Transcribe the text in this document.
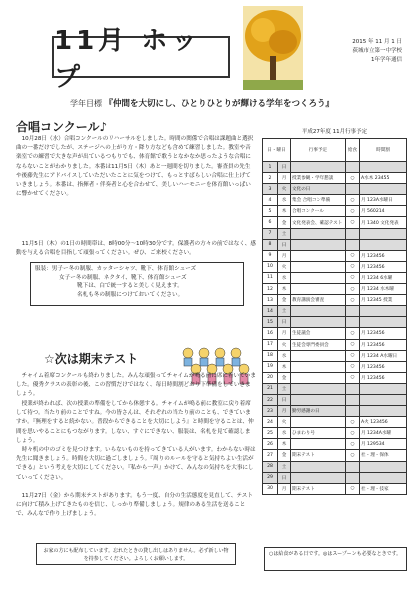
11月 ホップ
2015 年 11 月 1 日
荻城市立第一中学校
1年学年通信
学年目標 『仲間を大切にし、ひとりひとりが輝ける学年をつくろう』
合唱コンクール♪
10月28日（水）合唱コンクールのリハーサルをしました。時間の関係で合唱は課題曲と選択曲の一番だけでしたが、ステージへの上がり方・降り方なども含めて練習しました。教室や音楽室での練習で大きな声が出ているつもりでも、体育館で歌うとなかなか思ったような合唱にならないことがわかりました。本番は11月5日（木）あと一週間を切りました。審査員の先生や後藤先生にアドバイスしていただいたことに気をつけて、もっとすばらしい合唱に仕上げていきましょう。本番は、指揮者・伴奏者と心を合わせて、美しいハーモニーを体育館いっぱいに響かせてください。
11月5日（木）の1日の時間帯は、8時00分〜10時30分です。保護者の方々の前ではなく、感動を与える合唱を目指して頑張ってください。ぜひ、ご来校ください。
服装：男子ー冬の制服、カッターシャツ、靴下、体育館シューズ
女子ー冬の制服、ネクタイ、靴下、体育館シューズ
靴下は、白で統一すると美しく見えます。
名札も冬の制服につけておいてください。
☆次は期末テスト
チャイム着席コンクールも終わりました。みんな頑張ってチャイムが鳴る前に席に着いていました。優秀クラスの表彰の後、この習慣だけではなく、毎日時間割どおり下準備をしていきましょう。
授業が終われば、次の授業の準備をしてから休憩する。チャイムが鳴る前に教室に戻り着席して待つ。当たり前のことですね。今の皆さんは、それぞれの当たり前のことも、できていますか。『無理をすると続かない。普段からできることを大切にしよう』と時間を守ることは、仲間を思いやることにもつながります。しない、すぐにできない、服装は、名札を見て確認しましょう。
時々机の中のゴミを見つけます。いらないものを持ってきている人がいます。わからない時は先生に聞きましょう。時間を大切に過ごしましょう。『周りのルールを守ると気持ちよい生活ができる』という考えを大切にしてください。『私から一声』かけて、みんなの気持ちを大事にしていってください。
11月27日（金）から期末テストがあります。もう一度、自分の生活態度を見直して、テストに向けて積み上げてきたものを信じ、しっかり準備しましょう。規律のある生活を送ることで、みんなで作り上げましょう。
お家の方にも配布しています。忘れたときの貸し出しはありません。必ず新しい物を持参してください。よろしくお願いします。
平成27年度 11月行事予定
日・曜日		行事予定	給食	時間割
1	日			
2	月	授業参観・学年懇談	○	A水木 23455
3	火	文化の日		
4	水	集会 合唱コン準備	○	月 123A水曜日
5	木	合唱コンクール	○	月 560214
6	金	文化発表会、確認テスト	○	月 1340 文化発表
7	土			
8	日			
9	月		○	月 123456
10	火		○	月 123456
11	水		○	月 1234 6水曜
12	木		○	月 1234 水木曜
13	金	教育講演会審査	○	月 12345 授業
14	土			
15	日			
16	月	生徒議会	○	月 123456
17	火	生徒会専門委員会	○	月 123456
18	水		○	月 1234 A水曜日
19	木		○	月 123456
20	金		○	月 123456
21	土			
22	日			
23	月	勤労感謝の日		
24	火		○	A火 123456
25	水	ひまわり号	○	月 1234A水曜
26	木		○	月 129534
27	金	期末テスト	○	社・理・保体
28	土			
29	日			
30	月	期末テスト	○	社・理・技家
○は給食がある日です。◎はスープーンも必要なときです。
